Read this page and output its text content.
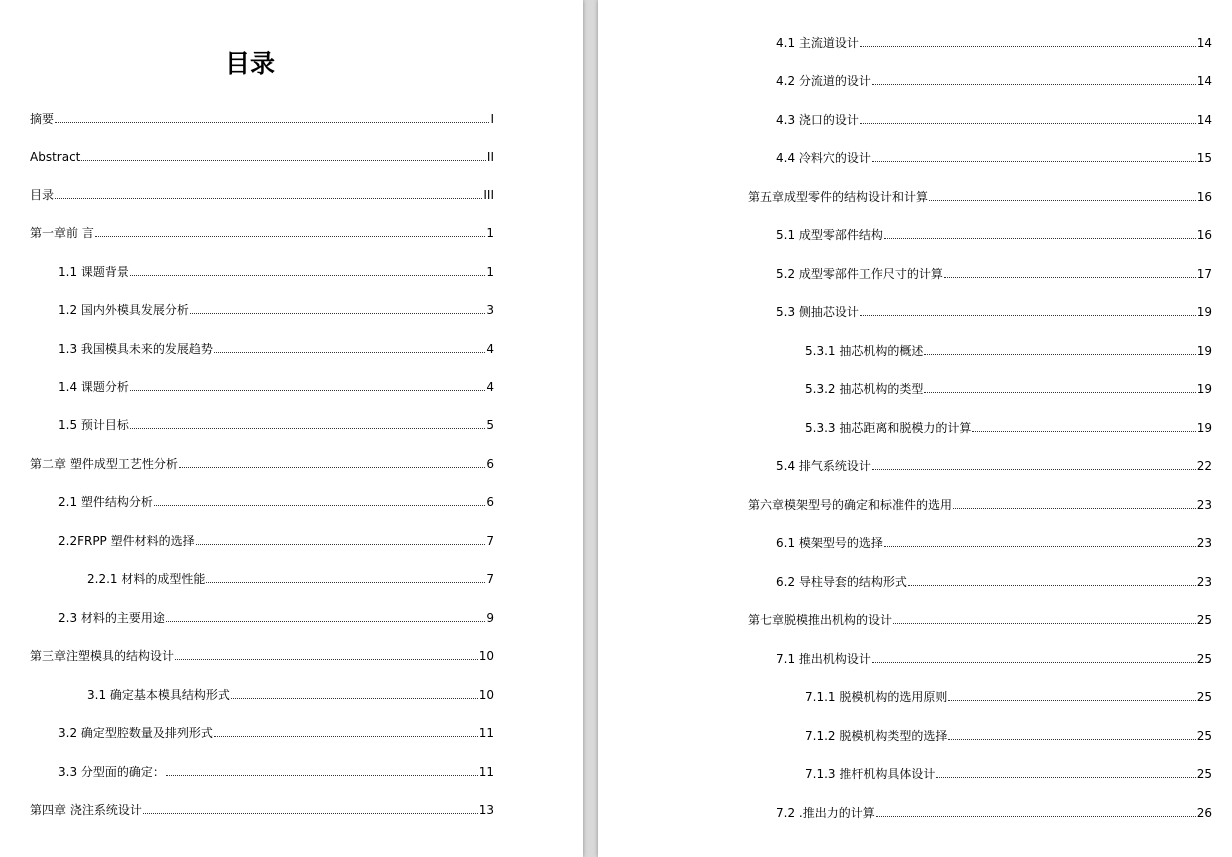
目录
摘要	I
Abstract	II
目录	III
第一章前 言	1
1.1 课题背景	1
1.2 国内外模具发展分析	3
1.3 我国模具未来的发展趋势	4
1.4 课题分析	4
1.5 预计目标	5
第二章 塑件成型工艺性分析	6
2.1 塑件结构分析	6
2.2FRPP 塑件材料的选择	7
2.2.1 材料的成型性能	7
2.3 材料的主要用途	9
第三章注塑模具的结构设计	10
3.1 确定基本模具结构形式	10
3.2 确定型腔数量及排列形式	11
3.3 分型面的确定：	11
第四章 浇注系统设计	13
4.1 主流道设计	14
4.2 分流道的设计	14
4.3 浇口的设计	14
4.4 冷料穴的设计	15
第五章成型零件的结构设计和计算	16
5.1 成型零部件结构	16
5.2 成型零部件工作尺寸的计算	17
5.3 侧抽芯设计	19
5.3.1 抽芯机构的概述	19
5.3.2 抽芯机构的类型	19
5.3.3 抽芯距离和脱模力的计算	19
5.4 排气系统设计	22
第六章模架型号的确定和标准件的选用	23
6.1 模架型号的选择	23
6.2 导柱导套的结构形式	23
第七章脱模推出机构的设计	25
7.1 推出机构设计	25
7.1.1 脱模机构的选用原则	25
7.1.2 脱模机构类型的选择	25
7.1.3 推杆机构具体设计	25
7.2 .推出力的计算	26
